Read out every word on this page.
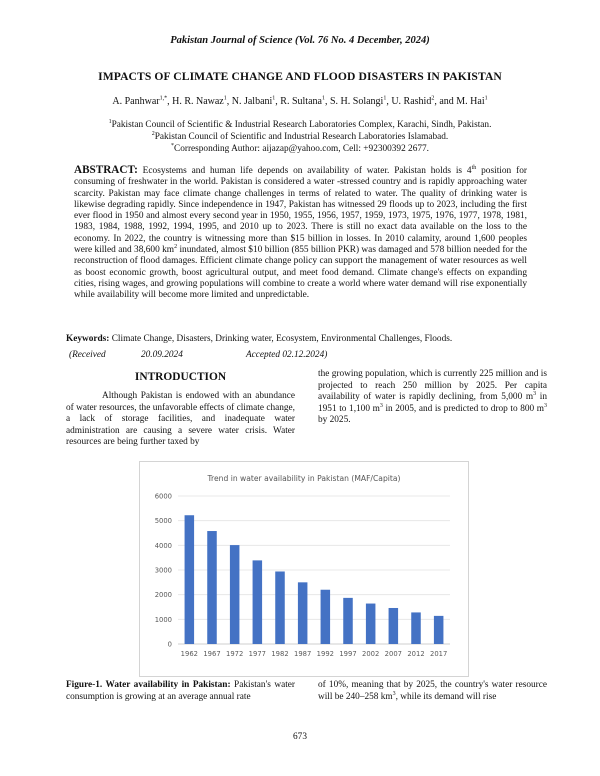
Pakistan Journal of Science (Vol. 76 No. 4 December, 2024)
IMPACTS OF CLIMATE CHANGE AND FLOOD DISASTERS IN PAKISTAN
A. Panhwar$^{1,*}$, H. R. Nawaz$^1$, N. Jalbani$^1$, R. Sultana$^1$, S. H. Solangi$^1$, U. Rashid$^2$, and M. Hai$^1$
$^1$Pakistan Council of Scientific & Industrial Research Laboratories Complex, Karachi, Sindh, Pakistan.
$^2$Pakistan Council of Scientific and Industrial Research Laboratories Islamabad.
*Corresponding Author: aijazap@yahoo.com, Cell: +92300392 2677.
ABSTRACT: Ecosystems and human life depends on availability of water. Pakistan holds is 4th position for consuming of freshwater in the world. Pakistan is considered a water -stressed country and is rapidly approaching water scarcity. Pakistan may face climate change challenges in terms of related to water. The quality of drinking water is likewise degrading rapidly. Since independence in 1947, Pakistan has witnessed 29 floods up to 2023, including the first ever flood in 1950 and almost every second year in 1950, 1955, 1956, 1957, 1959, 1973, 1975, 1976, 1977, 1978, 1981, 1983, 1984, 1988, 1992, 1994, 1995, and 2010 up to 2023. There is still no exact data available on the loss to the economy. In 2022, the country is witnessing more than $15 billion in losses. In 2010 calamity, around 1,600 peoples were killed and 38,600 $km^2$ inundated, almost $10 billion (855 billion PKR) was damaged and 578 billion needed for the reconstruction of flood damages. Efficient climate change policy can support the management of water resources as well as boost economic growth, boost agricultural output, and meet food demand. Climate change's effects on expanding cities, rising wages, and growing populations will combine to create a world where water demand will rise exponentially while availability will become more limited and unpredictable.
Keywords: Climate Change, Disasters, Drinking water, Ecosystem, Environmental Challenges, Floods.
(Received	20.09.2024	Accepted 02.12.2024)
INTRODUCTION
Although Pakistan is endowed with an abundance of water resources, the unfavorable effects of climate change, a lack of storage facilities, and inadequate water administration are causing a severe water crisis. Water resources are being further taxed by
the growing population, which is currently 225 million and is projected to reach 250 million by 2025. Per capita availability of water is rapidly declining, from 5,000 $m^3$ in 1951 to 1,100 $m^3$ in 2005, and is predicted to drop to 800 $m^3$ by 2025.
Trend in water availability in Pakistan (MAF/Capita)
0
1000
2000
3000
4000
5000
6000
1962 1967 1972 1977 1982 1987 1992 1997 2002 2007 2012 2017
Figure-1. Water availability in Pakistan: Pakistan's water consumption is growing at an average annual rate
of 10%, meaning that by 2025, the country's water resource will be 240–258 $km^3$, while its demand will rise
673
